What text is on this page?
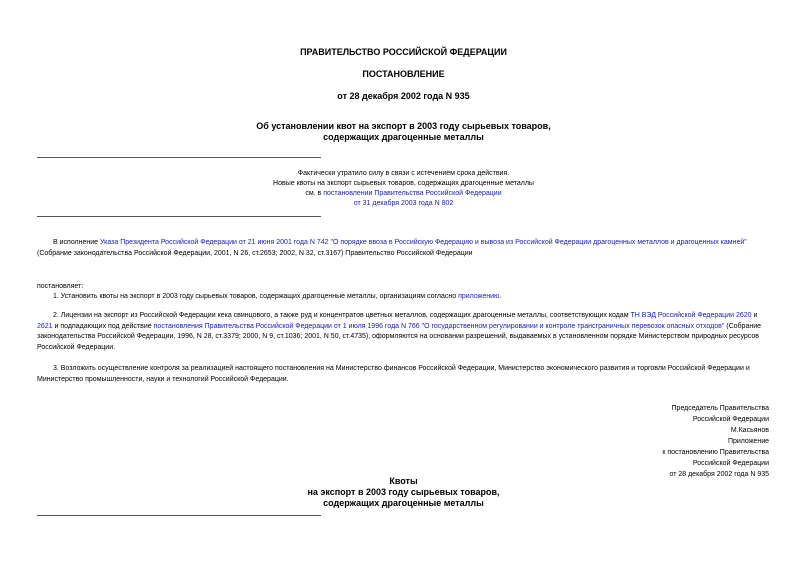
ПРАВИТЕЛЬСТВО РОССИЙСКОЙ ФЕДЕРАЦИИ
ПОСТАНОВЛЕНИЕ
от 28 декабря 2002 года N 935
Об установлении квот на экспорт в 2003 году сырьевых товаров,
содержащих драгоценные металлы
Фактически утратило силу в связи с истечением срока действия.
Новые квоты на экспорт сырьевых товаров, содержащих драгоценные металлы
см. в постановлении Правительства Российской Федерации
от 31 декабря 2003 года N 802
В исполнение Указа Президента Российской Федерации от 21 июня 2001 года N 742 "О порядке ввоза в Российскую Федерацию и вывоза из Российской Федерации драгоценных металлов и драгоценных камней" (Собрание законодательства Российской Федерации, 2001, N 26, ст.2653; 2002, N 32, ст.3167) Правительство Российской Федерации
постановляет:
1. Установить квоты на экспорт в 2003 году сырьевых товаров, содержащих драгоценные металлы, организациям согласно приложению.
2. Лицензии на экспорт из Российской Федерации кека свинцового, а также руд и концентратов цветных металлов, содержащих драгоценные металлы, соответствующих кодам ТН ВЭД Российской Федерации 2620 и 2621 и подпадающих под действие постановления Правительства Российской Федерации от 1 июля 1996 года N 766 "О государственном регулировании и контроле трансграничных перевозок опасных отходов" (Собрание законодательства Российской Федерации, 1996, N 28, ст.3379; 2000, N 9, ст.1036; 2001, N 50, ст.4735), оформляются на основании разрешений, выдаваемых в установленном порядке Министерством природных ресурсов Российской Федерации.
3. Возложить осуществление контроля за реализацией настоящего постановления на Министерство финансов Российской Федерации, Министерство экономического развития и торговли Российской Федерации и Министерство промышленности, науки и технологий Российской Федерации.
Председатель Правительства
Российской Федерации
М.Касьянов
Приложение
к постановлению Правительства
Российской Федерации
от 28 декабря 2002 года N 935
Квоты
на экспорт в 2003 году сырьевых товаров,
содержащих драгоценные металлы
